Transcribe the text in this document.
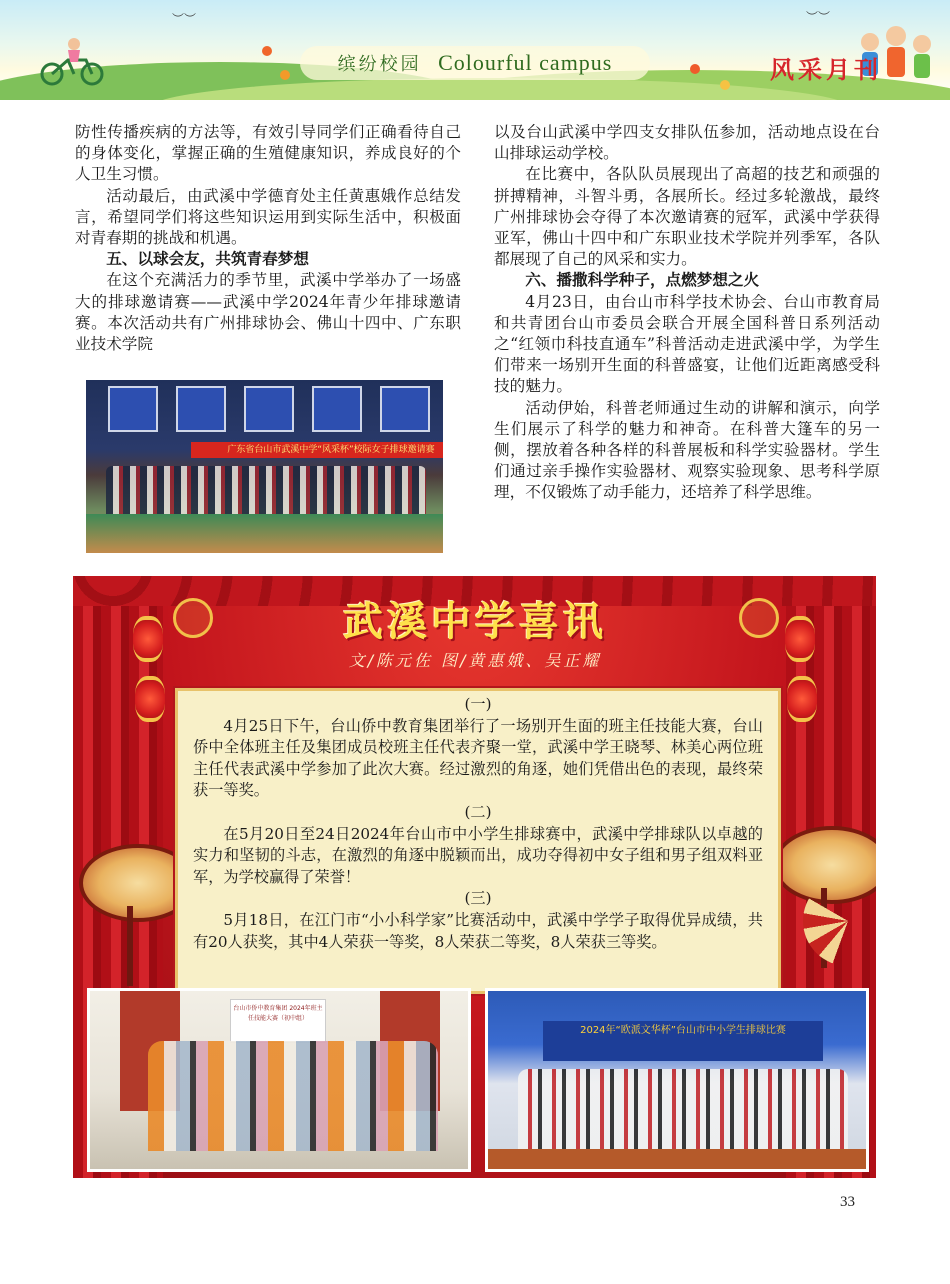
︶︶	︶︶
缤纷校园 Colourful campus	风采月刊

防性传播疾病的方法等，有效引导同学们正确看待自己的身体变化，掌握正确的生殖健康知识，养成良好的个人卫生习惯。

活动最后，由武溪中学德育处主任黄惠娥作总结发言，希望同学们将这些知识运用到实际生活中，积极面对青春期的挑战和机遇。

五、以球会友，共筑青春梦想

在这个充满活力的季节里，武溪中学举办了一场盛大的排球邀请赛——武溪中学2024年青少年排球邀请赛。本次活动共有广州排球协会、佛山十四中、广东职业技术学院

广东省台山市武溪中学“风采杯”校际女子排球邀请赛

以及台山武溪中学四支女排队伍参加，活动地点设在台山排球运动学校。

在比赛中，各队队员展现出了高超的技艺和顽强的拼搏精神，斗智斗勇，各展所长。经过多轮激战，最终广州排球协会夺得了本次邀请赛的冠军，武溪中学获得亚军，佛山十四中和广东职业技术学院并列季军，各队都展现了自己的风采和实力。

六、播撒科学种子，点燃梦想之火

4月23日，由台山市科学技术协会、台山市教育局和共青团台山市委员会联合开展全国科普日系列活动之“红领巾科技直通车”科普活动走进武溪中学，为学生们带来一场别开生面的科普盛宴，让他们近距离感受科技的魅力。

活动伊始，科普老师通过生动的讲解和演示，向学生们展示了科学的魅力和神奇。在科普大篷车的另一侧，摆放着各种各样的科普展板和科学实验器材。学生们通过亲手操作实验器材、观察实验现象、思考科学原理，不仅锻炼了动手能力，还培养了科学思维。

武溪中学喜讯
文/陈元佐 图/黄惠娥、吴正耀

(一)

4月25日下午，台山侨中教育集团举行了一场别开生面的班主任技能大赛，台山侨中全体班主任及集团成员校班主任代表齐聚一堂，武溪中学王晓琴、林美心两位班主任代表武溪中学参加了此次大赛。经过激烈的角逐，她们凭借出色的表现，最终荣获一等奖。

(二)

在5月20日至24日2024年台山市中小学生排球赛中，武溪中学排球队以卓越的实力和坚韧的斗志，在激烈的角逐中脱颖而出，成功夺得初中女子组和男子组双料亚军，为学校赢得了荣誉！

(三)

5月18日，在江门市“小小科学家”比赛活动中，武溪中学学子取得优异成绩，共有20人获奖，其中4人荣获一等奖，8人荣获二等奖，8人荣获三等奖。

台山市侨中教育集团 2024年班主任技能大赛（初中组）
2024年“欧派文华杯”台山市中小学生排球比赛
33
